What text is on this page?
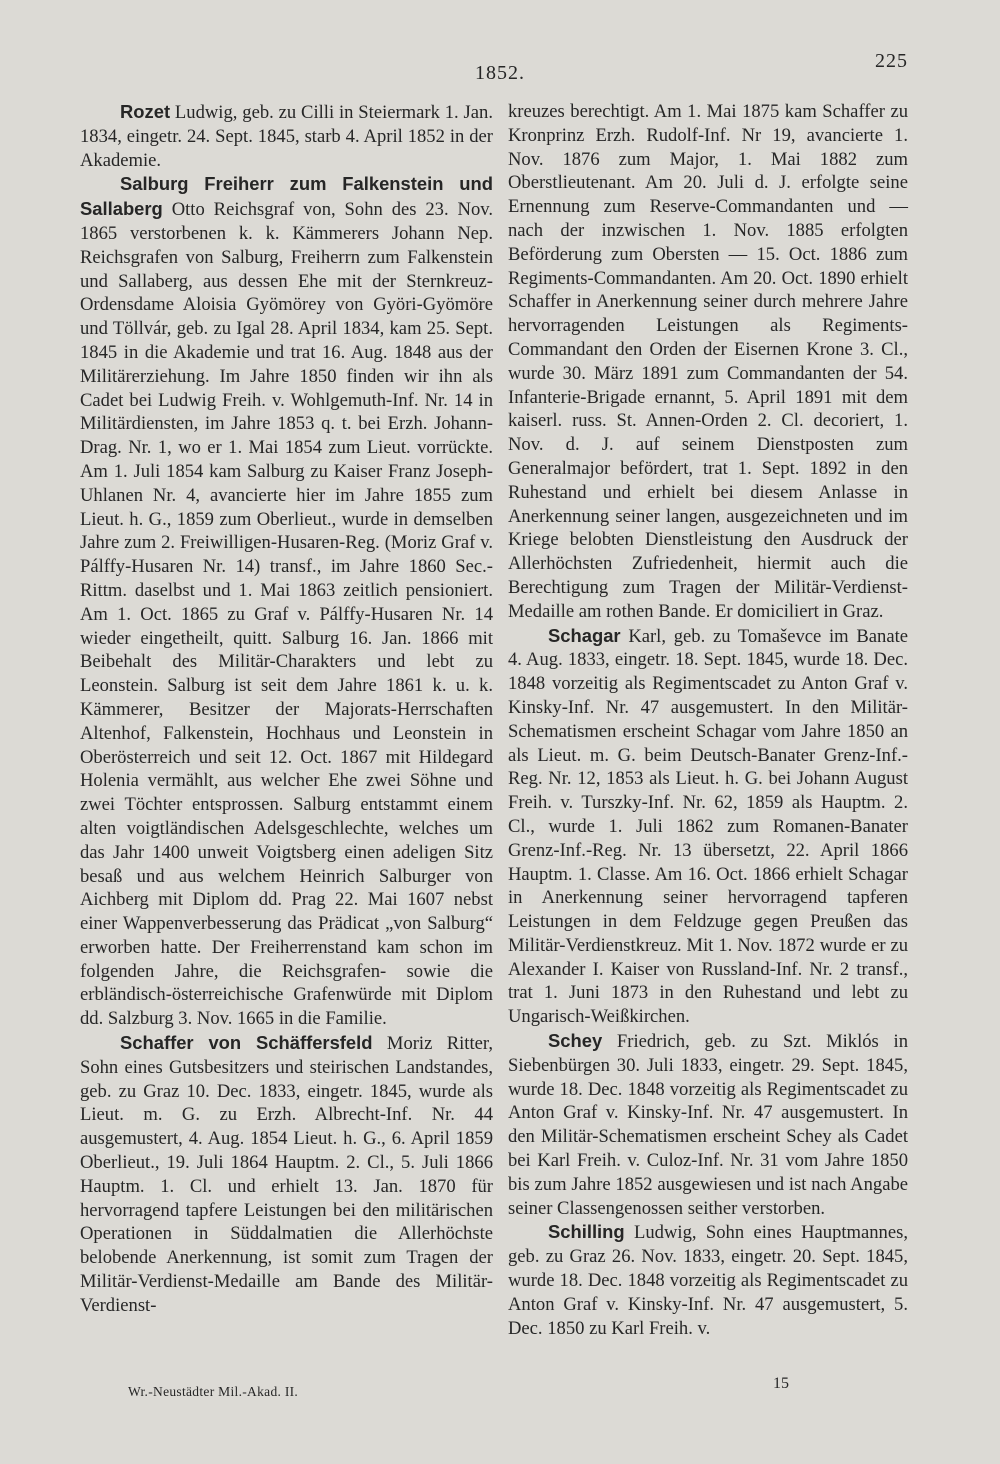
1852.
225

Rozet Ludwig, geb. zu Cilli in Steiermark 1. Jan. 1834, eingetr. 24. Sept. 1845, starb 4. April 1852 in der Akademie.

Salburg Freiherr zum Falkenstein und Sallaberg Otto Reichsgraf von, Sohn des 23. Nov. 1865 verstorbenen k. k. Kämmerers Johann Nep. Reichsgrafen von Salburg, Freiherrn zum Falkenstein und Sallaberg, aus dessen Ehe mit der Sternkreuz-Ordensdame Aloisia Gyömörey von Györi-Gyömöre und Töllvár, geb. zu Igal 28. April 1834, kam 25. Sept. 1845 in die Akademie und trat 16. Aug. 1848 aus der Militärerziehung. Im Jahre 1850 finden wir ihn als Cadet bei Ludwig Freih. v. Wohlgemuth-Inf. Nr. 14 in Militärdiensten, im Jahre 1853 q. t. bei Erzh. Johann-Drag. Nr. 1, wo er 1. Mai 1854 zum Lieut. vorrückte. Am 1. Juli 1854 kam Salburg zu Kaiser Franz Joseph-Uhlanen Nr. 4, avancierte hier im Jahre 1855 zum Lieut. h. G., 1859 zum Oberlieut., wurde in demselben Jahre zum 2. Freiwilligen-Husaren-Reg. (Moriz Graf v. Pálffy-Husaren Nr. 14) transf., im Jahre 1860 Sec.-Rittm. daselbst und 1. Mai 1863 zeitlich pensioniert. Am 1. Oct. 1865 zu Graf v. Pálffy-Husaren Nr. 14 wieder eingetheilt, quitt. Salburg 16. Jan. 1866 mit Beibehalt des Militär-Charakters und lebt zu Leonstein. Salburg ist seit dem Jahre 1861 k. u. k. Kämmerer, Besitzer der Majorats-Herrschaften Altenhof, Falkenstein, Hochhaus und Leonstein in Oberösterreich und seit 12. Oct. 1867 mit Hildegard Holenia vermählt, aus welcher Ehe zwei Söhne und zwei Töchter entsprossen. Salburg entstammt einem alten voigtländischen Adelsgeschlechte, welches um das Jahr 1400 unweit Voigtsberg einen adeligen Sitz besaß und aus welchem Heinrich Salburger von Aichberg mit Diplom dd. Prag 22. Mai 1607 nebst einer Wappenverbesserung das Prädicat „von Salburg“ erworben hatte. Der Freiherrenstand kam schon im folgenden Jahre, die Reichsgrafen- sowie die erbländisch-österreichische Grafenwürde mit Diplom dd. Salzburg 3. Nov. 1665 in die Familie.

Schaffer von Schäffersfeld Moriz Ritter, Sohn eines Gutsbesitzers und steirischen Landstandes, geb. zu Graz 10. Dec. 1833, eingetr. 1845, wurde als Lieut. m. G. zu Erzh. Albrecht-Inf. Nr. 44 ausgemustert, 4. Aug. 1854 Lieut. h. G., 6. April 1859 Oberlieut., 19. Juli 1864 Hauptm. 2. Cl., 5. Juli 1866 Hauptm. 1. Cl. und erhielt 13. Jan. 1870 für hervorragend tapfere Leistungen bei den militärischen Operationen in Süddalmatien die Allerhöchste belobende Anerkennung, ist somit zum Tragen der Militär-Verdienst-Medaille am Bande des Militär-Verdienst-

kreuzes berechtigt. Am 1. Mai 1875 kam Schaffer zu Kronprinz Erzh. Rudolf-Inf. Nr 19, avancierte 1. Nov. 1876 zum Major, 1. Mai 1882 zum Oberstlieutenant. Am 20. Juli d. J. erfolgte seine Ernennung zum Reserve-Commandanten und — nach der inzwischen 1. Nov. 1885 erfolgten Beförderung zum Obersten — 15. Oct. 1886 zum Regiments-Commandanten. Am 20. Oct. 1890 erhielt Schaffer in Anerkennung seiner durch mehrere Jahre hervorragenden Leistungen als Regiments-Commandant den Orden der Eisernen Krone 3. Cl., wurde 30. März 1891 zum Commandanten der 54. Infanterie-Brigade ernannt, 5. April 1891 mit dem kaiserl. russ. St. Annen-Orden 2. Cl. decoriert, 1. Nov. d. J. auf seinem Dienstposten zum Generalmajor befördert, trat 1. Sept. 1892 in den Ruhestand und erhielt bei diesem Anlasse in Anerkennung seiner langen, ausgezeichneten und im Kriege belobten Dienstleistung den Ausdruck der Allerhöchsten Zufriedenheit, hiermit auch die Berechtigung zum Tragen der Militär-Verdienst-Medaille am rothen Bande. Er domiciliert in Graz.

Schagar Karl, geb. zu Tomaševce im Banate 4. Aug. 1833, eingetr. 18. Sept. 1845, wurde 18. Dec. 1848 vorzeitig als Regimentscadet zu Anton Graf v. Kinsky-Inf. Nr. 47 ausgemustert. In den Militär-Schematismen erscheint Schagar vom Jahre 1850 an als Lieut. m. G. beim Deutsch-Banater Grenz-Inf.-Reg. Nr. 12, 1853 als Lieut. h. G. bei Johann August Freih. v. Turszky-Inf. Nr. 62, 1859 als Hauptm. 2. Cl., wurde 1. Juli 1862 zum Romanen-Banater Grenz-Inf.-Reg. Nr. 13 übersetzt, 22. April 1866 Hauptm. 1. Classe. Am 16. Oct. 1866 erhielt Schagar in Anerkennung seiner hervorragend tapferen Leistungen in dem Feldzuge gegen Preußen das Militär-Verdienstkreuz. Mit 1. Nov. 1872 wurde er zu Alexander I. Kaiser von Russland-Inf. Nr. 2 transf., trat 1. Juni 1873 in den Ruhestand und lebt zu Ungarisch-Weißkirchen.

Schey Friedrich, geb. zu Szt. Miklós in Siebenbürgen 30. Juli 1833, eingetr. 29. Sept. 1845, wurde 18. Dec. 1848 vorzeitig als Regimentscadet zu Anton Graf v. Kinsky-Inf. Nr. 47 ausgemustert. In den Militär-Schematismen erscheint Schey als Cadet bei Karl Freih. v. Culoz-Inf. Nr. 31 vom Jahre 1850 bis zum Jahre 1852 ausgewiesen und ist nach Angabe seiner Classengenossen seither verstorben.

Schilling Ludwig, Sohn eines Hauptmannes, geb. zu Graz 26. Nov. 1833, eingetr. 20. Sept. 1845, wurde 18. Dec. 1848 vorzeitig als Regimentscadet zu Anton Graf v. Kinsky-Inf. Nr. 47 ausgemustert, 5. Dec. 1850 zu Karl Freih. v.

Wr.-Neustädter Mil.-Akad. II.	15
